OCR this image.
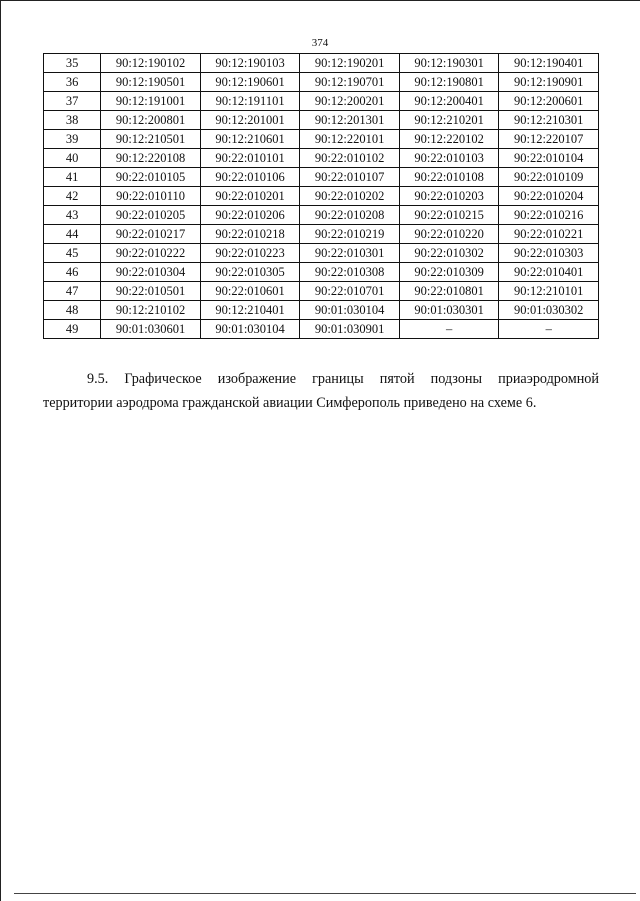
374
35	90:12:190102	90:12:190103	90:12:190201	90:12:190301	90:12:190401
36	90:12:190501	90:12:190601	90:12:190701	90:12:190801	90:12:190901
37	90:12:191001	90:12:191101	90:12:200201	90:12:200401	90:12:200601
38	90:12:200801	90:12:201001	90:12:201301	90:12:210201	90:12:210301
39	90:12:210501	90:12:210601	90:12:220101	90:12:220102	90:12:220107
40	90:12:220108	90:22:010101	90:22:010102	90:22:010103	90:22:010104
41	90:22:010105	90:22:010106	90:22:010107	90:22:010108	90:22:010109
42	90:22:010110	90:22:010201	90:22:010202	90:22:010203	90:22:010204
43	90:22:010205	90:22:010206	90:22:010208	90:22:010215	90:22:010216
44	90:22:010217	90:22:010218	90:22:010219	90:22:010220	90:22:010221
45	90:22:010222	90:22:010223	90:22:010301	90:22:010302	90:22:010303
46	90:22:010304	90:22:010305	90:22:010308	90:22:010309	90:22:010401
47	90:22:010501	90:22:010601	90:22:010701	90:22:010801	90:12:210101
48	90:12:210102	90:12:210401	90:01:030104	90:01:030301	90:01:030302
49	90:01:030601	90:01:030104	90:01:030901	–	–
9.5. Графическое изображение границы пятой подзоны приаэродромной
территории аэродрома гражданской авиации Симферополь приведено на схеме 6.
